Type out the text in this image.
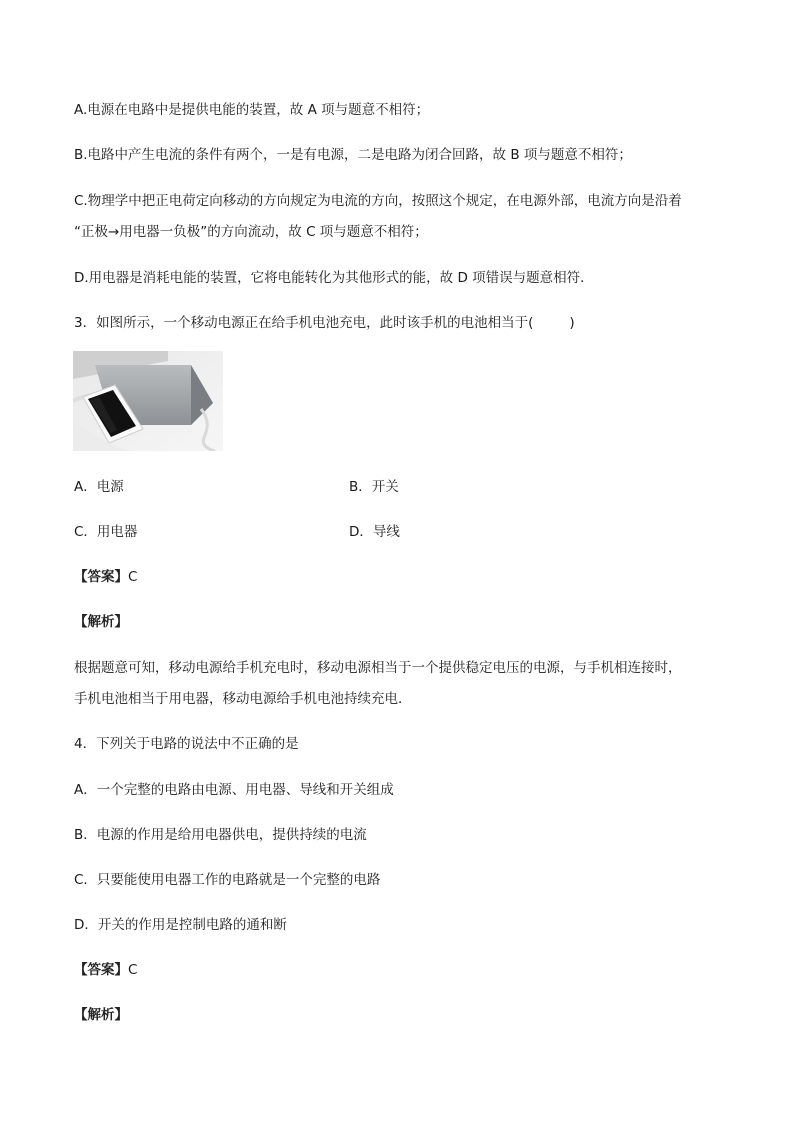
A.电源在电路中是提供电能的装置，故 A 项与题意不相符；
B.电路中产生电流的条件有两个，一是有电源，二是电路为闭合回路，故 B 项与题意不相符；
C.物理学中把正电荷定向移动的方向规定为电流的方向，按照这个规定，在电源外部，电流方向是沿着
“正极→用电器一负极”的方向流动，故 C 项与题意不相符；
D.用电器是消耗电能的装置，它将电能转化为其他形式的能，故 D 项错误与题意相符．
3．如图所示，一个移动电源正在给手机电池充电，此时该手机的电池相当于(	)
A．电源	B．开关
C．用电器	D．导线
【答案】C
【解析】
根据题意可知，移动电源给手机充电时，移动电源相当于一个提供稳定电压的电源，与手机相连接时，
手机电池相当于用电器，移动电源给手机电池持续充电．
4．下列关于电路的说法中不正确的是
A．一个完整的电路由电源、用电器、导线和开关组成
B．电源的作用是给用电器供电，提供持续的电流
C．只要能使用电器工作的电路就是一个完整的电路
D．开关的作用是控制电路的通和断
【答案】C
【解析】
